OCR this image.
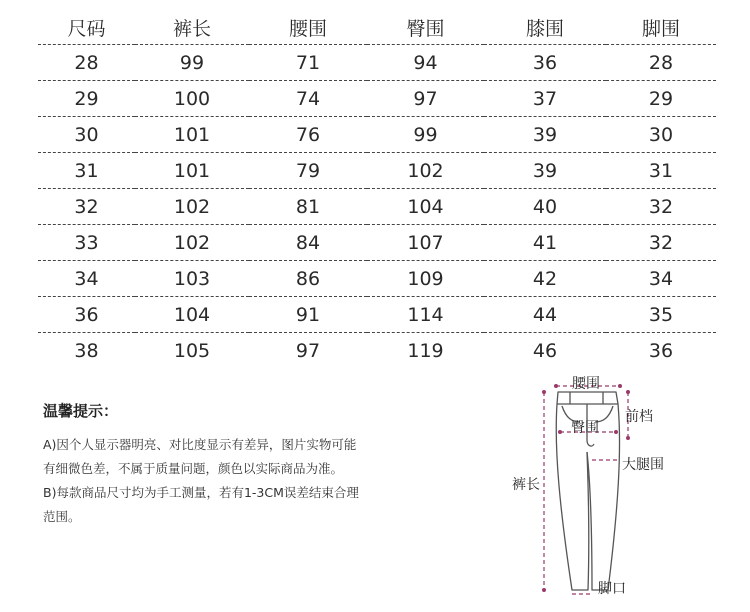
尺码	裤长	腰围	臀围	膝围	脚围
28	99	71	94	36	28
29	100	74	97	37	29
30	101	76	99	39	30
31	101	79	102	39	31
32	102	81	104	40	32
33	102	84	107	41	32
34	103	86	109	42	34
36	104	91	114	44	35
38	105	97	119	46	36
温馨提示：

A)因个人显示器明亮、对比度显示有差异，图片实物可能

有细微色差，不属于质量问题，颜色以实际商品为准。

B)每款商品尺寸均为手工测量，若有1-3CM误差结束合理

范围。

腰围
前档
臀围
大腿围
裤长
脚口
